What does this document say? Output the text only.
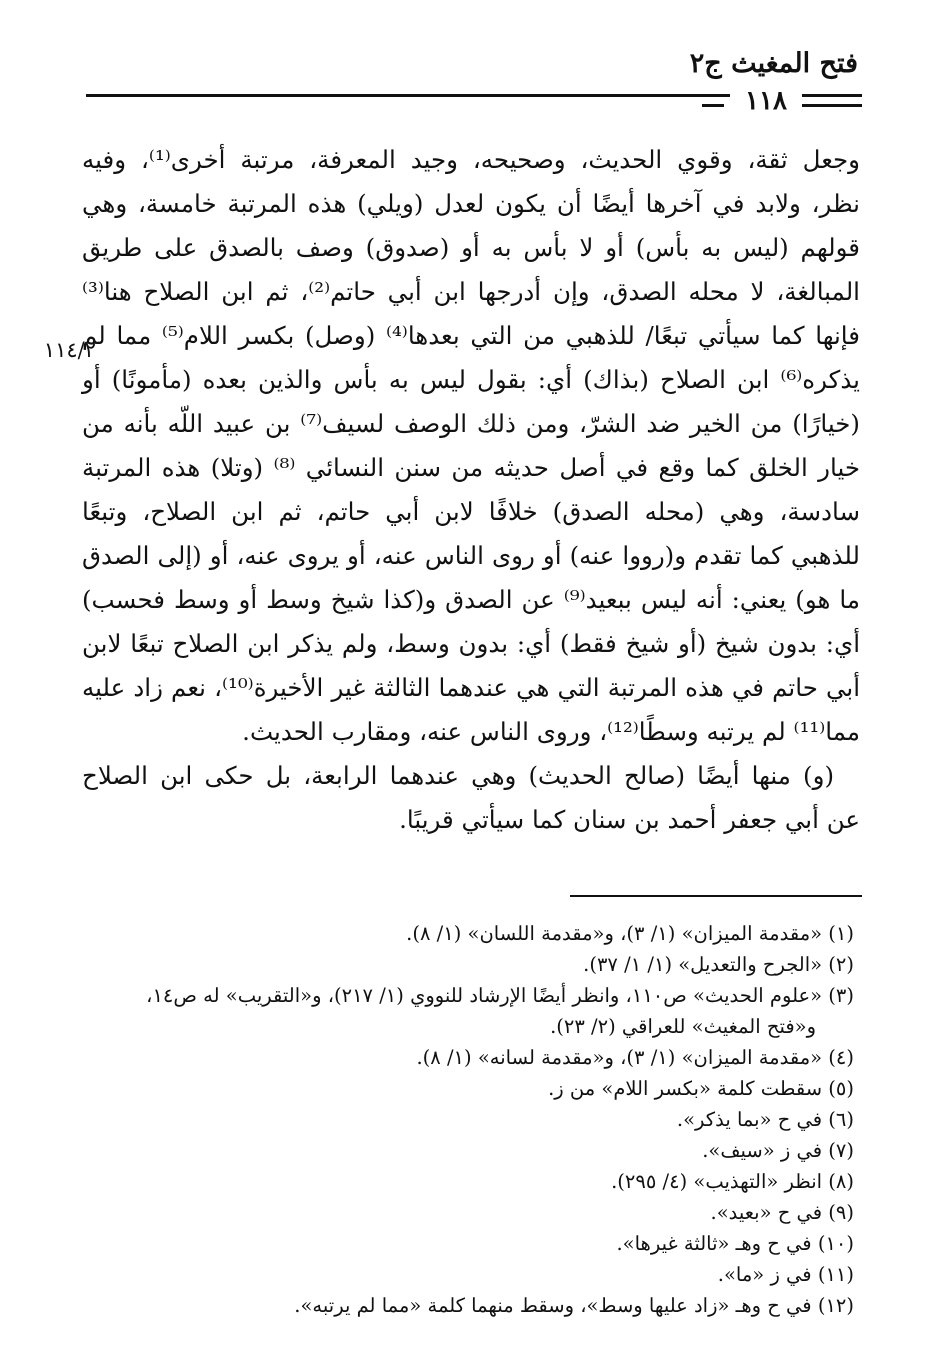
فتح المغيث ج٢
١١٨
١١٤/٢
وجعل ثقة، وقوي الحديث، وصحيحه، وجيد المعرفة، مرتبة أخرى⁽¹⁾، وفيه
نظر، ولابد في آخرها أيضًا أن يكون لعدل (ويلي) هذه المرتبة خامسة، وهي
قولهم (ليس به بأس) أو لا بأس به أو (صدوق) وصف بالصدق على طريق
المبالغة، لا محله الصدق، وإن أدرجها ابن أبي حاتم⁽²⁾، ثم ابن الصلاح هنا⁽³⁾
فإنها كما سيأتي تبعًا/ للذهبي من التي بعدها⁽⁴⁾ (وصل) بكسر اللام⁽⁵⁾ مما لم
يذكره⁽⁶⁾ ابن الصلاح (بذاك) أي: بقول ليس به بأس والذين بعده (مأمونًا) أو
(خيارًا) من الخير ضد الشرّ، ومن ذلك الوصف لسيف⁽⁷⁾ بن عبيد اللّه بأنه من
خيار الخلق كما وقع في أصل حديثه من سنن النسائي ⁽⁸⁾ (وتلا) هذه المرتبة
سادسة، وهي (محله الصدق) خلافًا لابن أبي حاتم، ثم ابن الصلاح، وتبعًا
للذهبي كما تقدم و(رووا عنه) أو روى الناس عنه، أو يروى عنه، أو (إلى الصدق
ما هو) يعني: أنه ليس ببعيد⁽⁹⁾ عن الصدق و(كذا شيخ وسط أو وسط فحسب)
أي: بدون شيخ (أو شيخ فقط) أي: بدون وسط، ولم يذكر ابن الصلاح تبعًا لابن
أبي حاتم في هذه المرتبة التي هي عندهما الثالثة غير الأخيرة⁽¹⁰⁾، نعم زاد عليه
مما⁽¹¹⁾ لم يرتبه وسطًا⁽¹²⁾، وروى الناس عنه، ومقارب الحديث.
(و) منها أيضًا (صالح الحديث) وهي عندهما الرابعة، بل حكى ابن الصلاح
عن أبي جعفر أحمد بن سنان كما سيأتي قريبًا.
(١) «مقدمة الميزان» (١/ ٣)، و«مقدمة اللسان» (١/ ٨).
(٢) «الجرح والتعديل» (١/ ١/ ٣٧).
(٣) «علوم الحديث» ص١١٠، وانظر أيضًا الإرشاد للنووي (١/ ٢١٧)، و«التقريب» له ص١٤،
و«فتح المغيث» للعراقي (٢/ ٢٣).
(٤) «مقدمة الميزان» (١/ ٣)، و«مقدمة لسانه» (١/ ٨).
(٥) سقطت كلمة «بكسر اللام» من ز.
(٦) في ح «بما يذكر».
(٧) في ز «سيف».
(٨) انظر «التهذيب» (٤/ ٢٩٥).
(٩) في ح «بعيد».
(١٠) في ح وهـ «ثالثة غيرها».
(١١) في ز «ما».
(١٢) في ح وهـ «زاد عليها وسط»، وسقط منهما كلمة «مما لم يرتبه».
